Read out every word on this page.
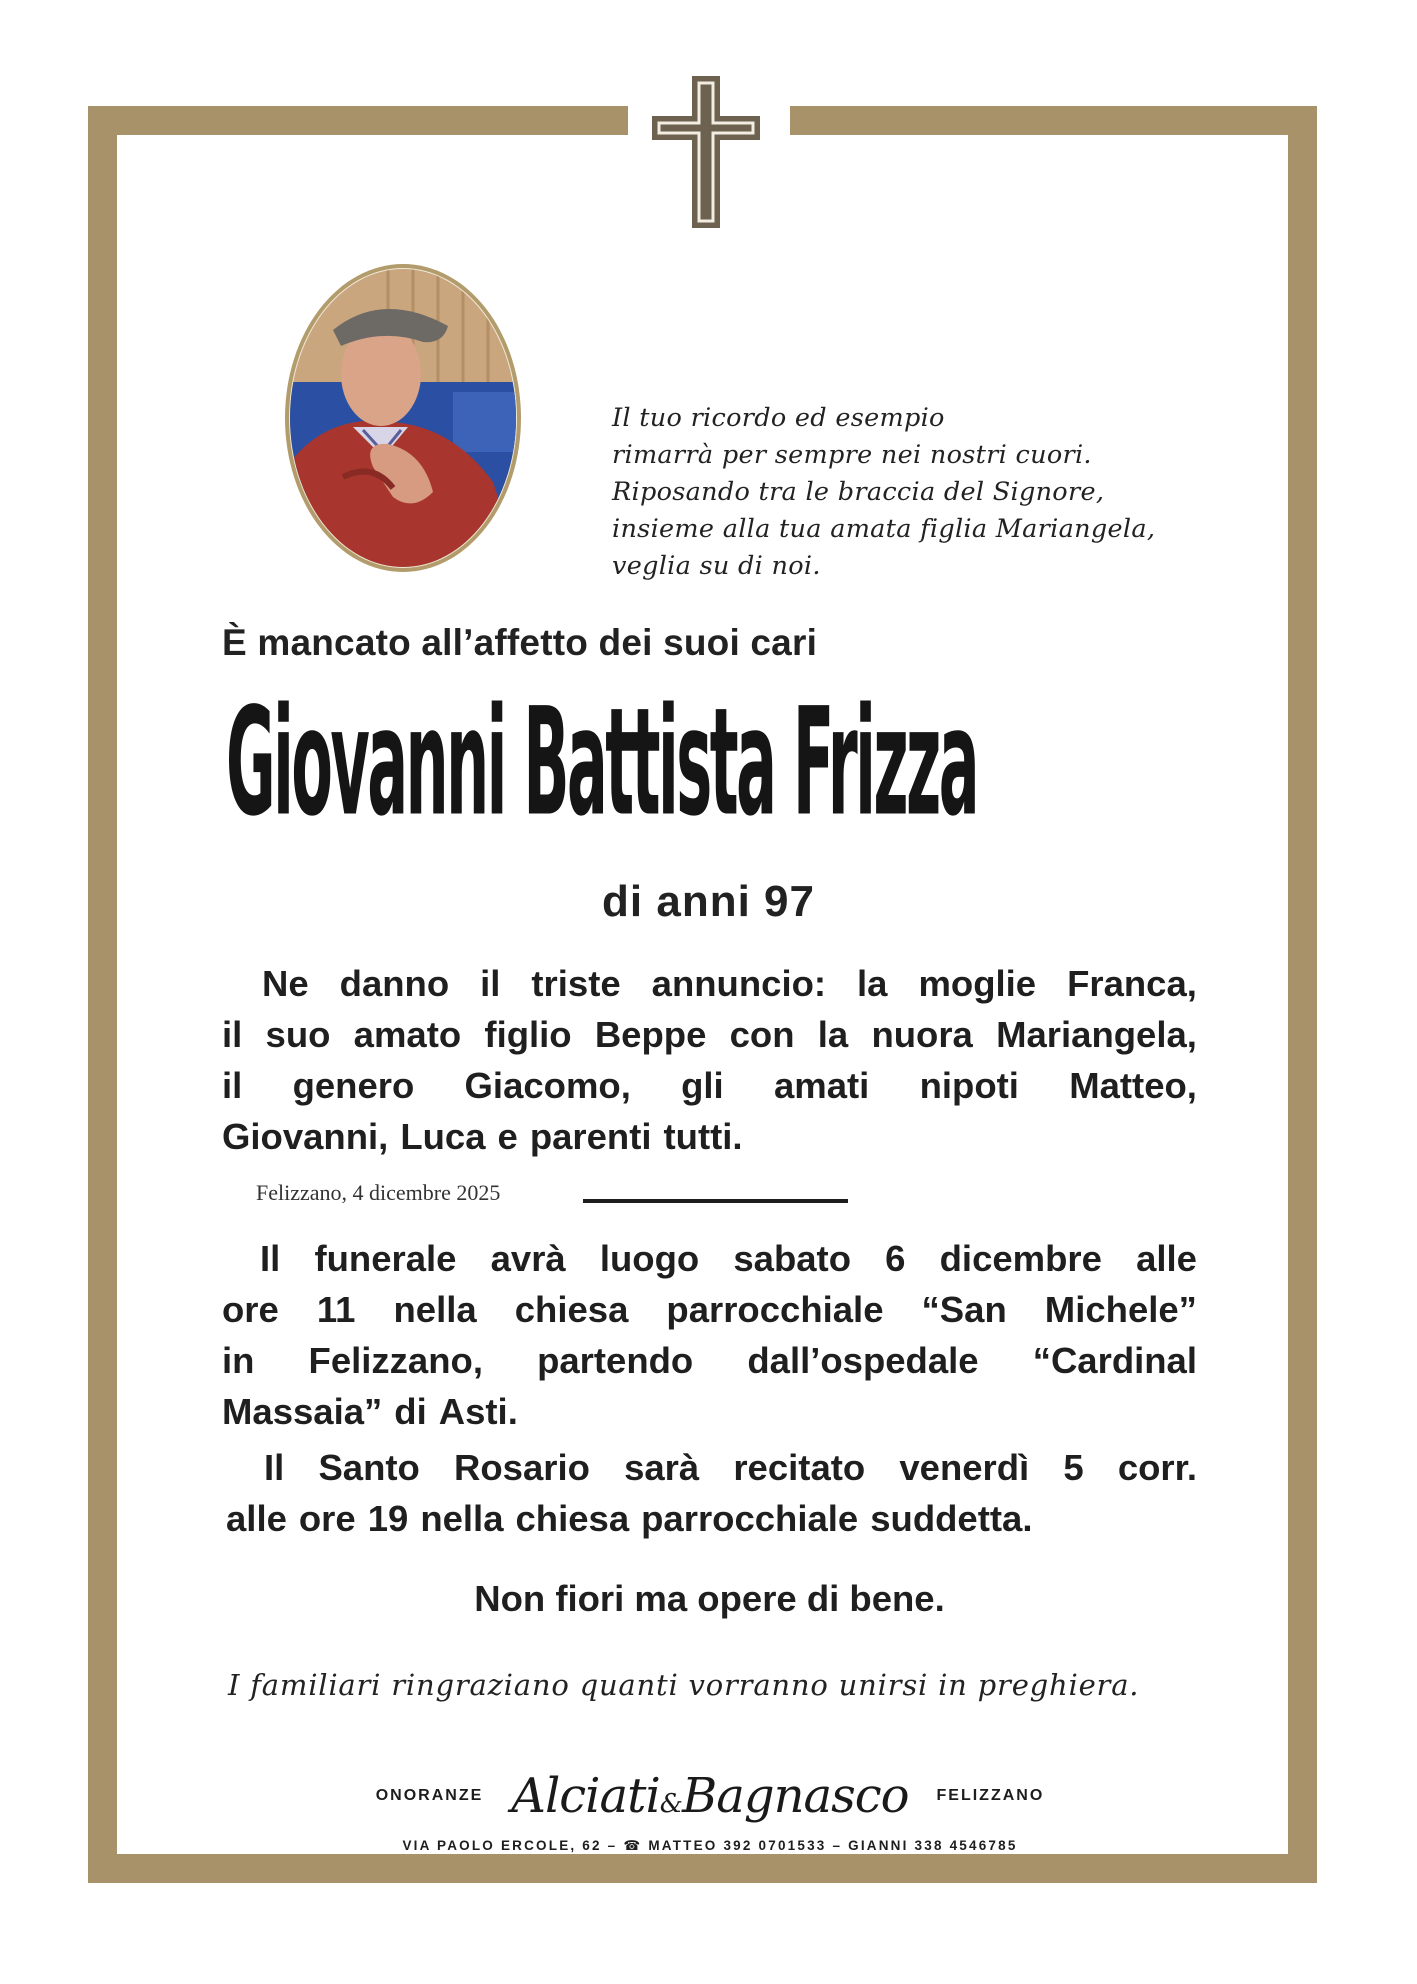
Il tuo ricordo ed esempio
rimarrà per sempre nei nostri cuori.
Riposando tra le braccia del Signore,
insieme alla tua amata figlia Mariangela,
veglia su di noi.
È mancato all’affetto dei suoi cari
Giovanni Battista Frizza
di anni 97
Ne danno il triste annuncio: la moglie Franca,
il suo amato figlio Beppe con la nuora Mariangela,
il genero Giacomo, gli amati nipoti Matteo,
Giovanni, Luca e parenti tutti.
Felizzano, 4 dicembre 2025
Il funerale avrà luogo sabato 6 dicembre alle
ore 11 nella chiesa parrocchiale “San Michele”
in Felizzano, partendo dall’ospedale “Cardinal
Massaia” di Asti.
Il Santo Rosario sarà recitato venerdì 5 corr.
alle ore 19 nella chiesa parrocchiale suddetta.
Non fiori ma opere di bene.
I familiari ringraziano quanti vorranno unirsi in preghiera.
ONORANZE Alciati&Bagnasco FELIZZANO
VIA PAOLO ERCOLE, 62 – ☎ MATTEO 392 0701533 – GIANNI 338 4546785
